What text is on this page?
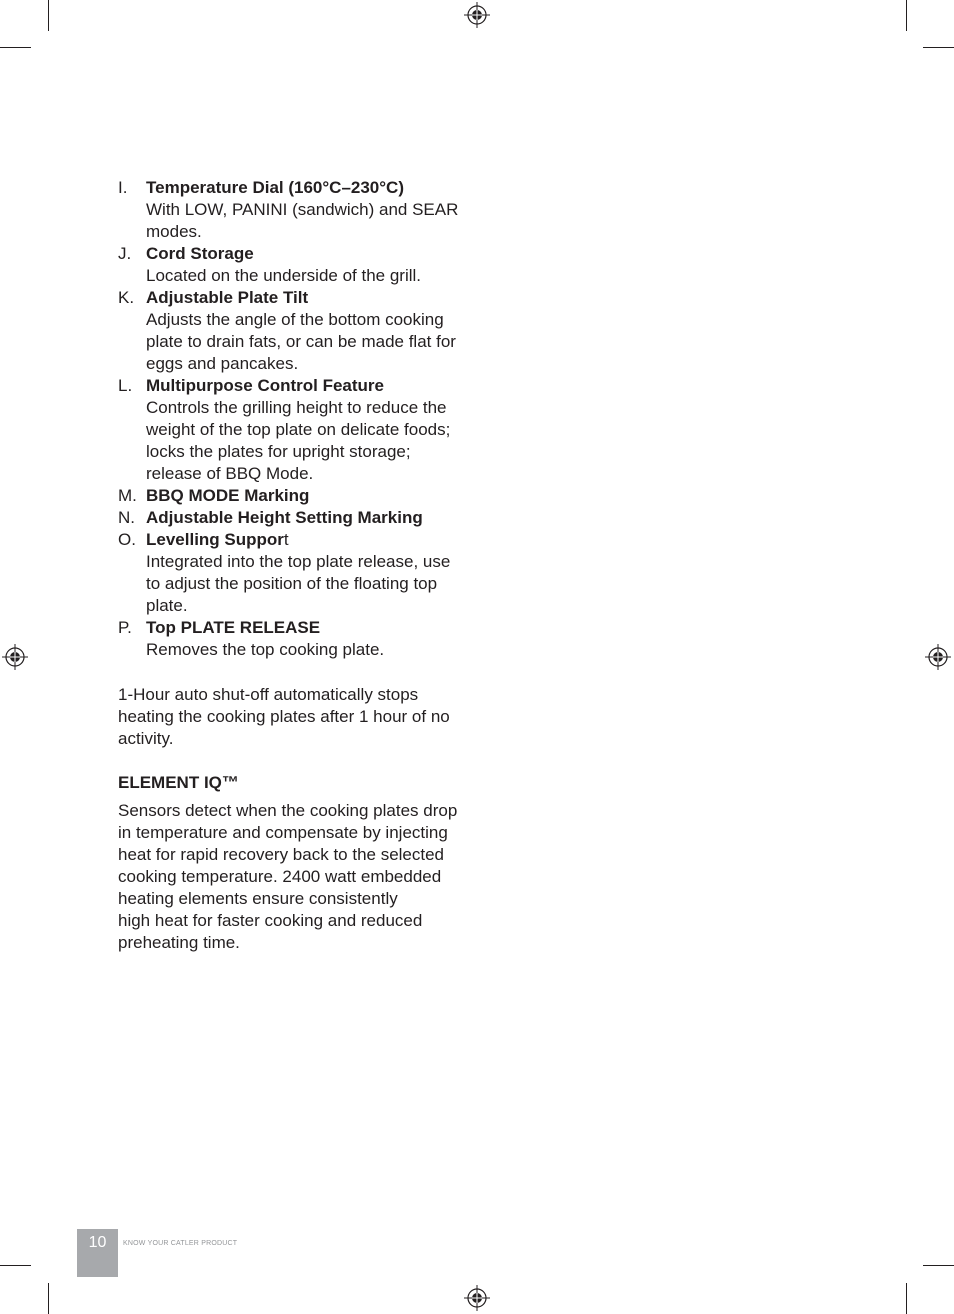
I.	Temperature Dial (160°C–230°C)
With LOW, PANINI (sandwich) and SEAR modes.
J. Cord Storage
Located on the underside of the grill.
K. Adjustable Plate Tilt
Adjusts the angle of the bottom cooking plate to drain fats, or can be made flat for eggs and pancakes.
L. Multipurpose Control Feature
Controls the grilling height to reduce the weight of the top plate on delicate foods; locks the plates for upright storage; release of BBQ Mode.
M. BBQ MODE Marking
N. Adjustable Height Setting Marking
O. Levelling Support
Integrated into the top plate release, use to adjust the position of the floating top plate.
P. Top PLATE RELEASE
Removes the top cooking plate.

1-Hour auto shut-off automatically stops heating the cooking plates after 1 hour of no activity.

ELEMENT IQ™

Sensors detect when the cooking plates drop in temperature and compensate by injecting heat for rapid recovery back to the selected cooking temperature. 2400 watt embedded heating elements ensure consistently
high heat for faster cooking and reduced preheating time.

10	KNOW YOUR CATLER PRODUCT
